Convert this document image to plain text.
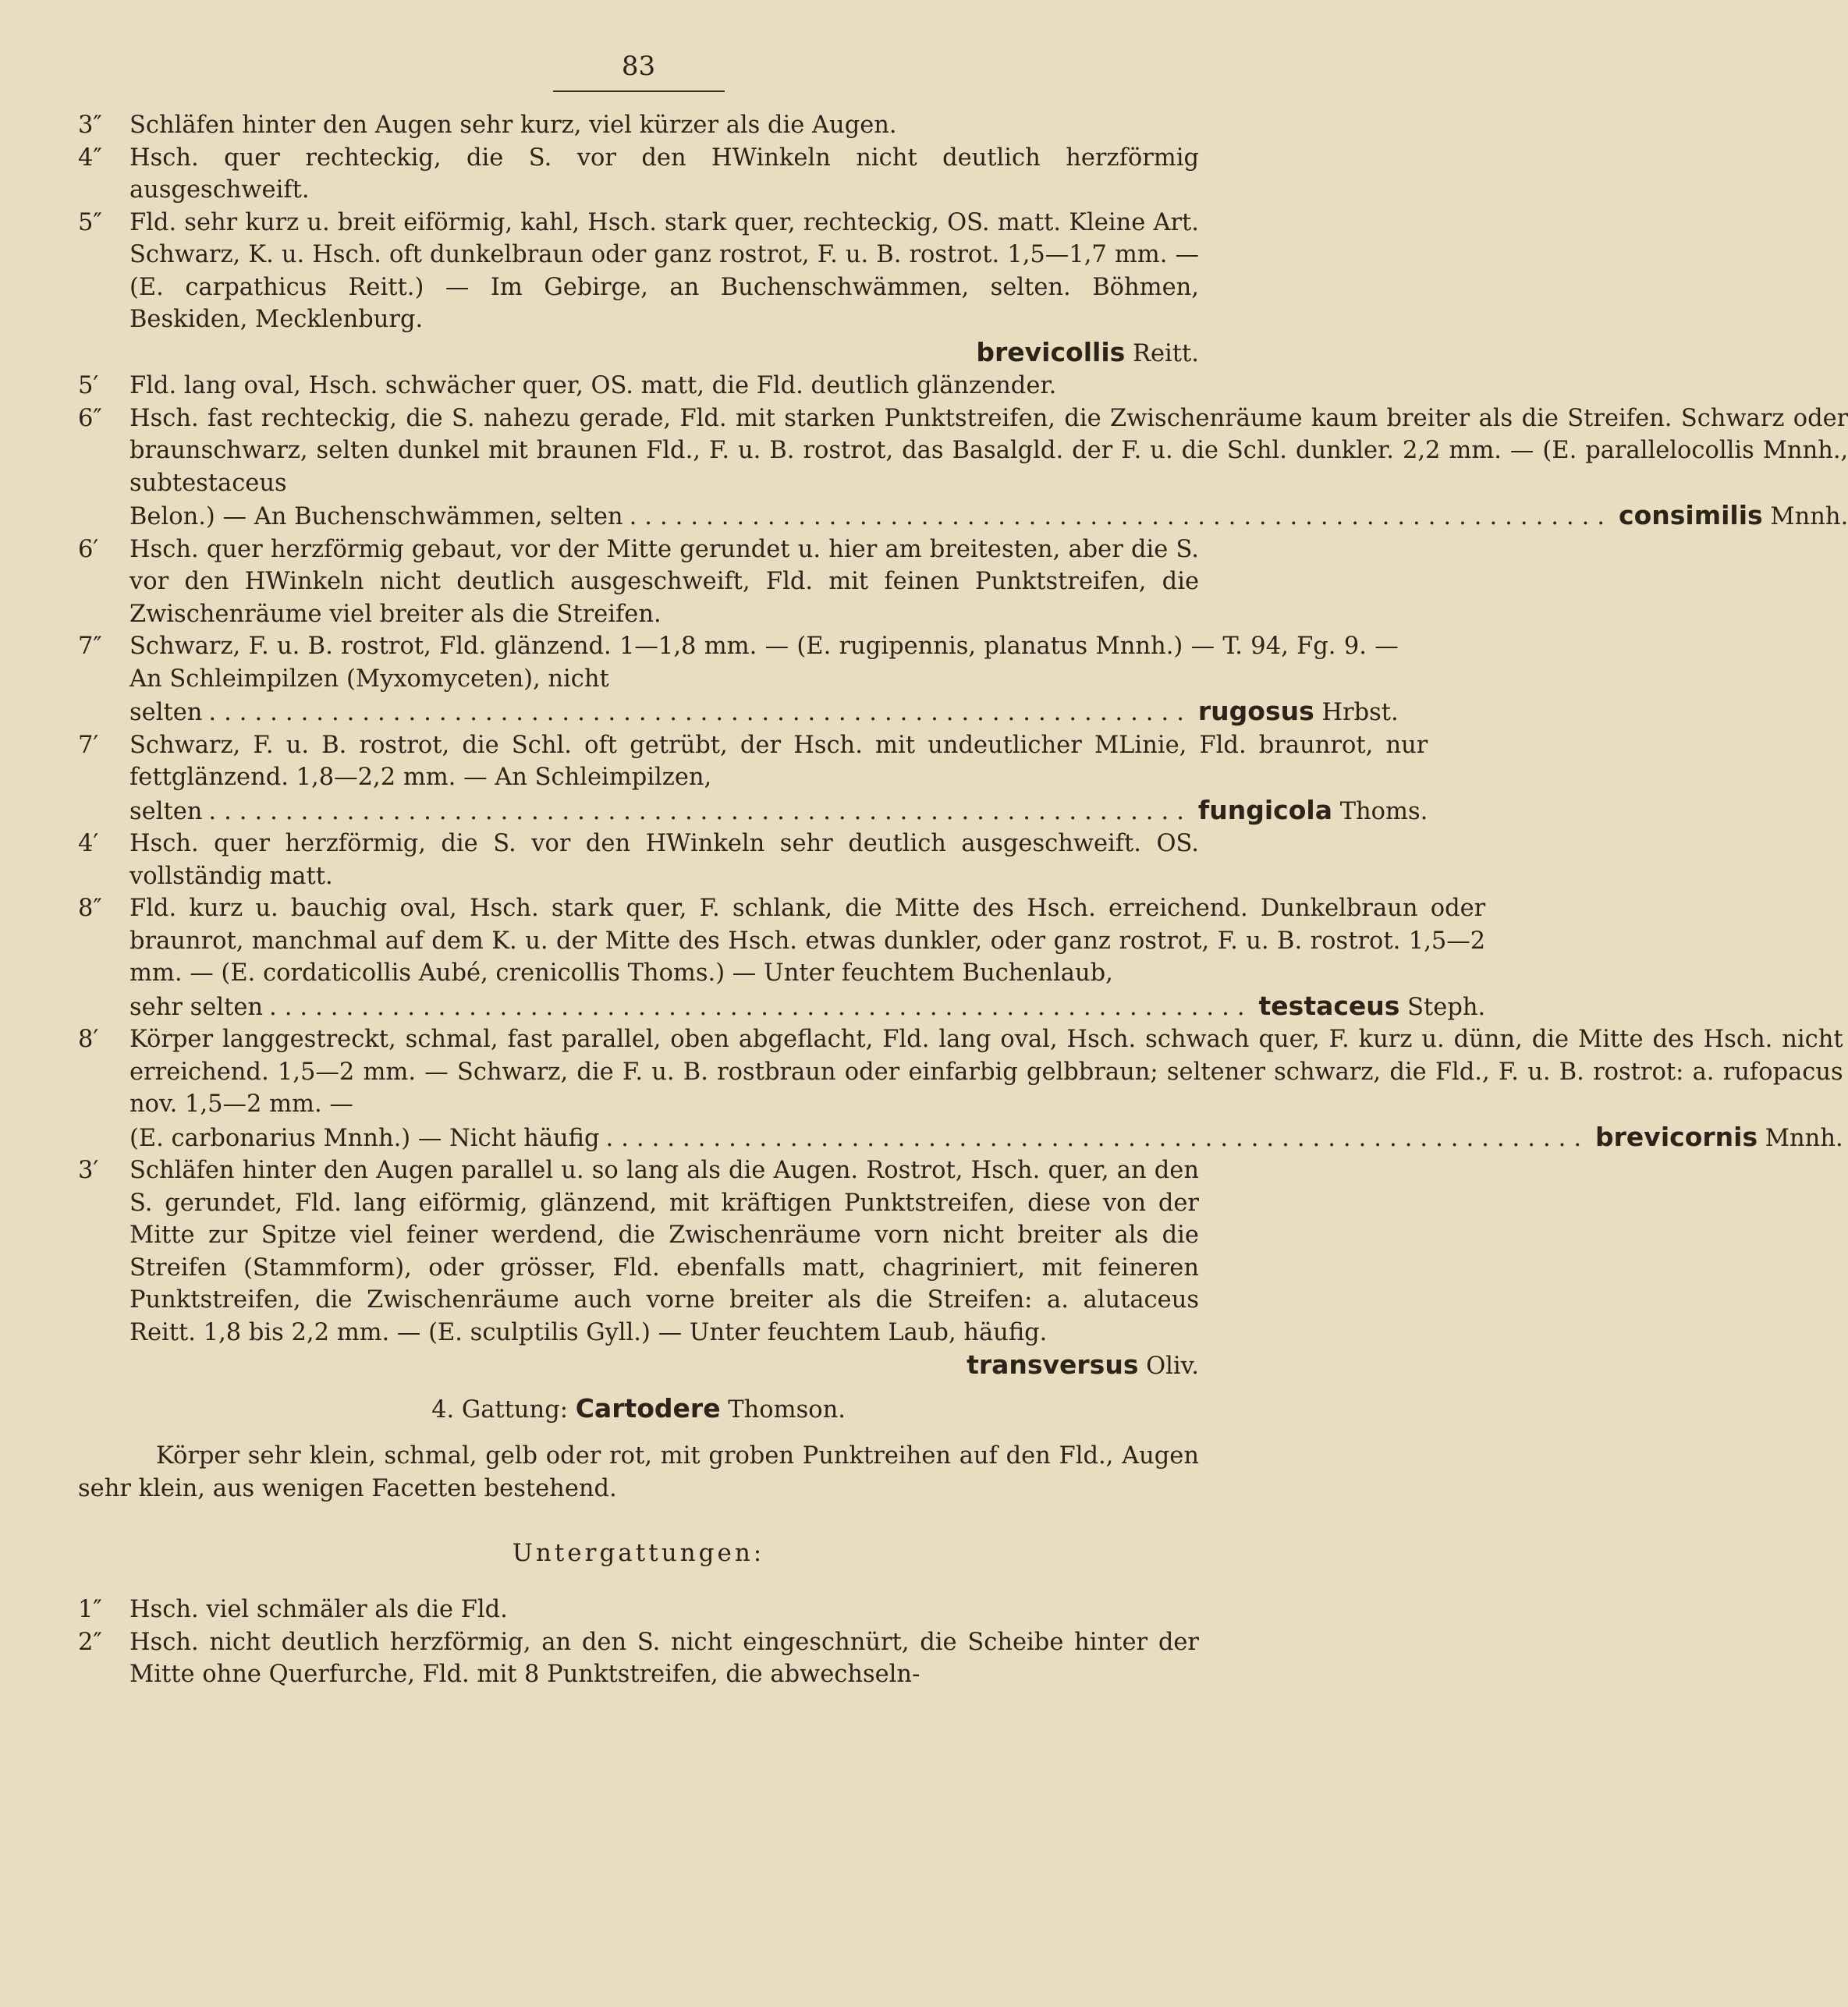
83
3″	Schläfen hinter den Augen sehr kurz, viel kürzer als die Augen.
4″	Hsch. quer rechteckig, die S. vor den HWinkeln nicht deutlich herzförmig ausgeschweift.
5″	Fld. sehr kurz u. breit eiförmig, kahl, Hsch. stark quer, rechteckig, OS. matt. Kleine Art. Schwarz, K. u. Hsch. oft dunkelbraun oder ganz rostrot, F. u. B. rostrot. 1,5—1,7 mm. — (E. carpathicus Reitt.) — Im Gebirge, an Buchenschwämmen, selten. Böhmen, Beskiden, Mecklenburg.
brevicollis Reitt.
5′	Fld. lang oval, Hsch. schwächer quer, OS. matt, die Fld. deutlich glänzender.
6″	Hsch. fast rechteckig, die S. nahezu gerade, Fld. mit starken Punktstreifen, die Zwischenräume kaum breiter als die Streifen. Schwarz oder braunschwarz, selten dunkel mit braunen Fld., F. u. B. rostrot, das Basalgld. der F. u. die Schl. dunkler. 2,2 mm. — (E. parallelocollis Mnnh., subtestaceus
Belon.) — An Buchenschwämmen, selten ................................................................ consimilis Mnnh.
6′	Hsch. quer herzförmig gebaut, vor der Mitte gerundet u. hier am breitesten, aber die S. vor den HWinkeln nicht deutlich ausgeschweift, Fld. mit feinen Punktstreifen, die Zwischenräume viel breiter als die Streifen.
7″	Schwarz, F. u. B. rostrot, Fld. glänzend. 1—1,8 mm. — (E. rugipennis, planatus Mnnh.) — T. 94, Fg. 9. — An Schleimpilzen (Myxomyceten), nicht
selten ................................................................ rugosus Hrbst.
7′	Schwarz, F. u. B. rostrot, die Schl. oft getrübt, der Hsch. mit undeutlicher MLinie, Fld. braunrot, nur fettglänzend. 1,8—2,2 mm. — An Schleimpilzen,
selten ................................................................ fungicola Thoms.
4′	Hsch. quer herzförmig, die S. vor den HWinkeln sehr deutlich ausgeschweift. OS. vollständig matt.
8″	Fld. kurz u. bauchig oval, Hsch. stark quer, F. schlank, die Mitte des Hsch. erreichend. Dunkelbraun oder braunrot, manchmal auf dem K. u. der Mitte des Hsch. etwas dunkler, oder ganz rostrot, F. u. B. rostrot. 1,5—2 mm. — (E. cordaticollis Aubé, crenicollis Thoms.) — Unter feuchtem Buchenlaub,
sehr selten ................................................................ testaceus Steph.
8′	Körper langgestreckt, schmal, fast parallel, oben abgeflacht, Fld. lang oval, Hsch. schwach quer, F. kurz u. dünn, die Mitte des Hsch. nicht erreichend. 1,5—2 mm. — Schwarz, die F. u. B. rostbraun oder einfarbig gelbbraun; seltener schwarz, die Fld., F. u. B. rostrot: a. rufopacus nov. 1,5—2 mm. —
(E. carbonarius Mnnh.) — Nicht häufig ................................................................ brevicornis Mnnh.
3′	Schläfen hinter den Augen parallel u. so lang als die Augen. Rostrot, Hsch. quer, an den S. gerundet, Fld. lang eiförmig, glänzend, mit kräftigen Punktstreifen, diese von der Mitte zur Spitze viel feiner werdend, die Zwischenräume vorn nicht breiter als die Streifen (Stammform), oder grösser, Fld. ebenfalls matt, chagriniert, mit feineren Punktstreifen, die Zwischenräume auch vorne breiter als die Streifen: a. alutaceus Reitt. 1,8 bis 2,2 mm. — (E. sculptilis Gyll.) — Unter feuchtem Laub, häufig.
transversus Oliv.
4. Gattung: Cartodere Thomson.

Körper sehr klein, schmal, gelb oder rot, mit groben Punktreihen auf den Fld., Augen sehr klein, aus wenigen Facetten bestehend.

Untergattungen:
1″	Hsch. viel schmäler als die Fld.
2″	Hsch. nicht deutlich herzförmig, an den S. nicht eingeschnürt, die Scheibe hinter der Mitte ohne Querfurche, Fld. mit 8 Punktstreifen, die abwechseln-
